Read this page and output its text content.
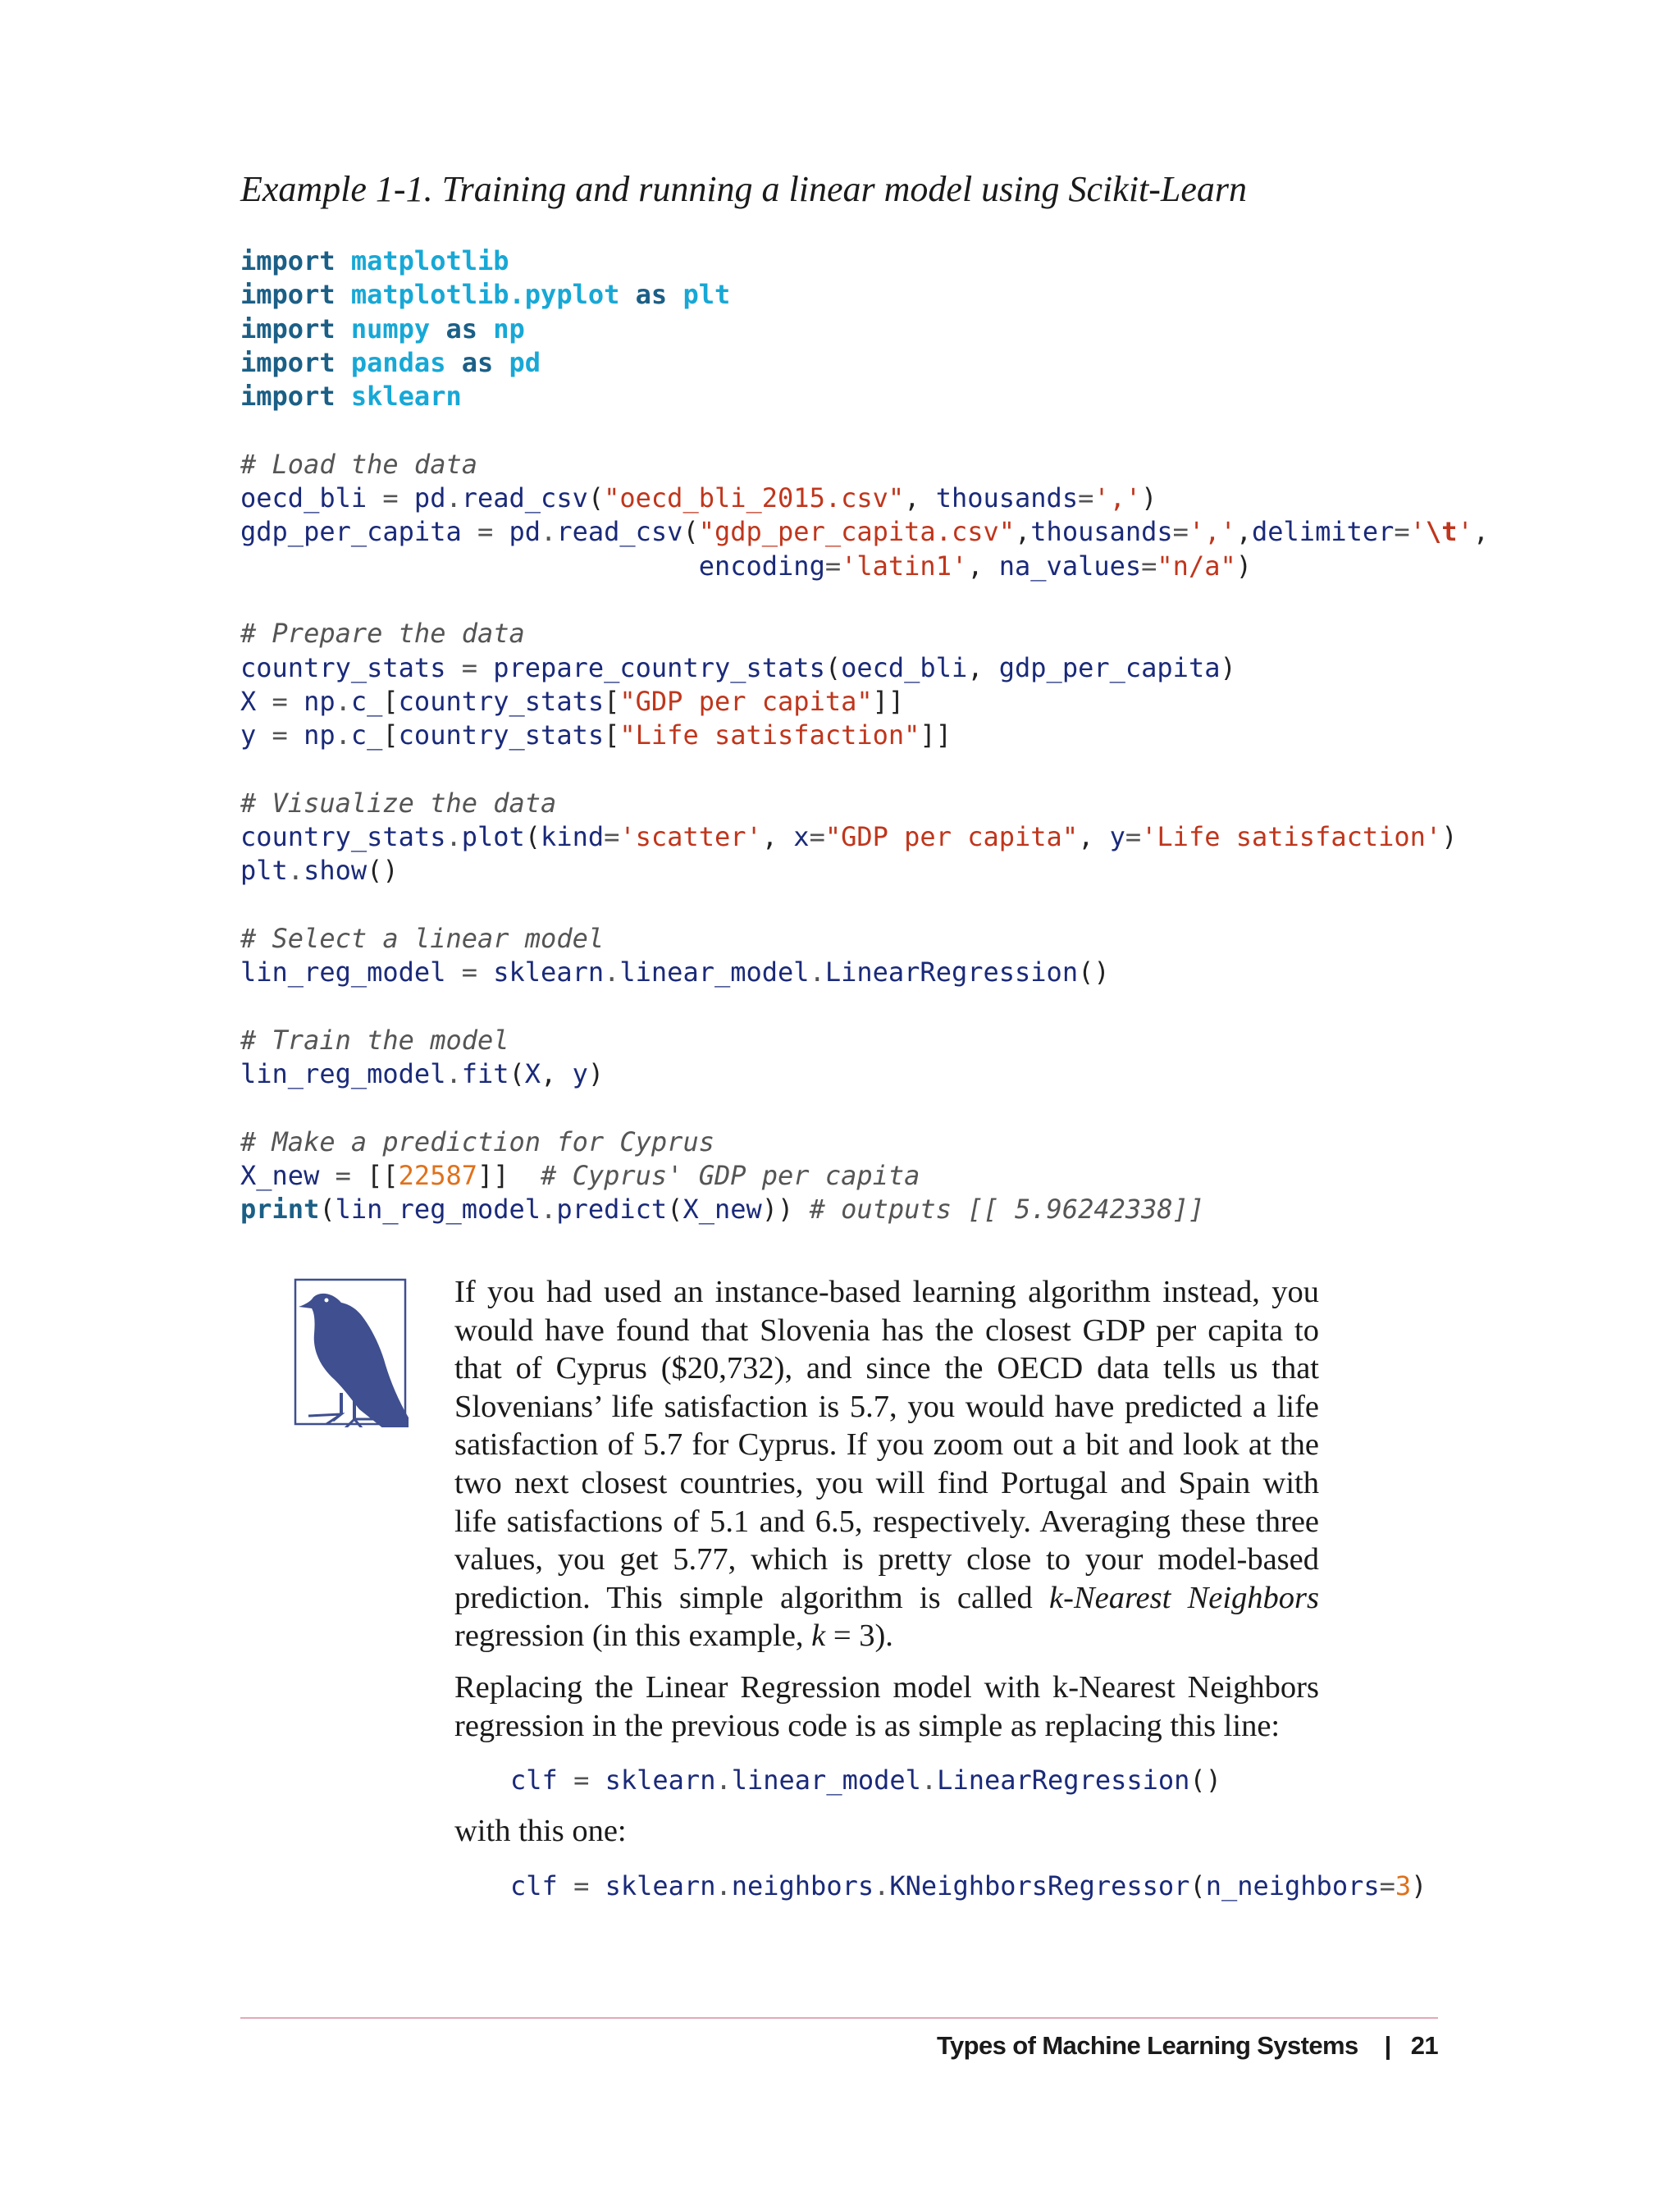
Example 1-1. Training and running a linear model using Scikit-Learn
import matplotlib
import matplotlib.pyplot as plt
import numpy as np
import pandas as pd
import sklearn

# Load the data
oecd_bli = pd.read_csv("oecd_bli_2015.csv", thousands=',')
gdp_per_capita = pd.read_csv("gdp_per_capita.csv",thousands=',',delimiter='\t',
encoding='latin1', na_values="n/a")

# Prepare the data
country_stats = prepare_country_stats(oecd_bli, gdp_per_capita)
X = np.c_[country_stats["GDP per capita"]]
y = np.c_[country_stats["Life satisfaction"]]

# Visualize the data
country_stats.plot(kind='scatter', x="GDP per capita", y='Life satisfaction')
plt.show()

# Select a linear model
lin_reg_model = sklearn.linear_model.LinearRegression()

# Train the model
lin_reg_model.fit(X, y)

# Make a prediction for Cyprus
X_new = [[22587]] # Cyprus' GDP per capita
print(lin_reg_model.predict(X_new)) # outputs [[ 5.96242338]]

If you had used an instance-based learning algorithm instead, you would have found that Slovenia has the closest GDP per capita to that of Cyprus ($20,732), and since the OECD data tells us that Slovenians’ life satisfaction is 5.7, you would have predicted a life satisfaction of 5.7 for Cyprus. If you zoom out a bit and look at the two next closest countries, you will find Portugal and Spain with life satisfactions of 5.1 and 6.5, respectively. Averaging these three values, you get 5.77, which is pretty close to your model-based prediction. This simple algorithm is called k-Nearest Neighbors regression (in this example, k = 3).

Replacing the Linear Regression model with k-Nearest Neighbors regression in the previous code is as simple as replacing this line:

clf = sklearn.linear_model.LinearRegression()

with this one:

clf = sklearn.neighbors.KNeighborsRegressor(n_neighbors=3)
Types of Machine Learning Systems | 21
